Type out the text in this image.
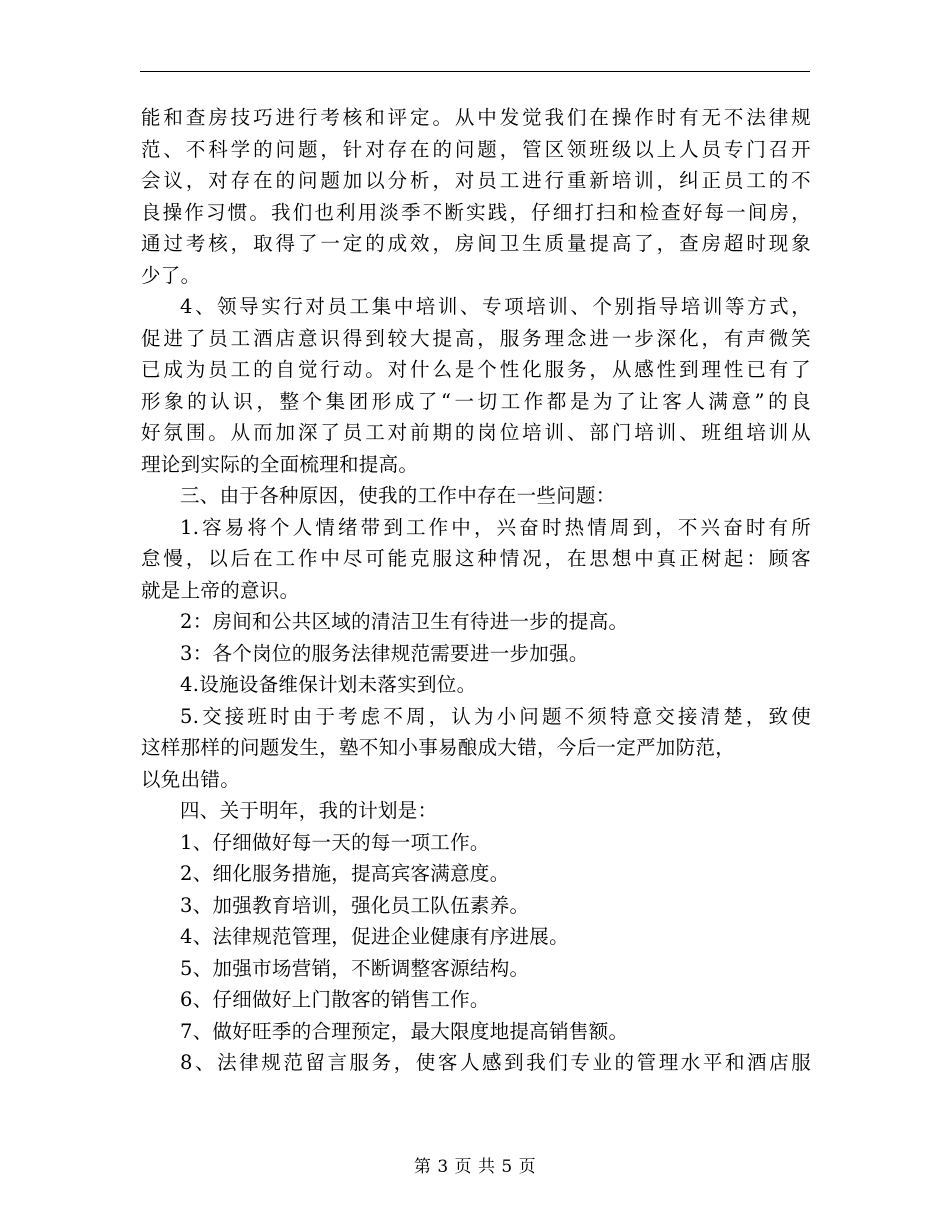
能和查房技巧进行考核和评定。从中发觉我们在操作时有无不法律规
范、不科学的问题，针对存在的问题，管区领班级以上人员专门召开
会议，对存在的问题加以分析，对员工进行重新培训，纠正员工的不
良操作习惯。我们也利用淡季不断实践，仔细打扫和检查好每一间房，
通过考核，取得了一定的成效，房间卫生质量提高了，查房超时现象
少了。
4、领导实行对员工集中培训、专项培训、个别指导培训等方式，
促进了员工酒店意识得到较大提高，服务理念进一步深化，有声微笑
已成为员工的自觉行动。对什么是个性化服务，从感性到理性已有了
形象的认识，整个集团形成了“一切工作都是为了让客人满意”的良
好氛围。从而加深了员工对前期的岗位培训、部门培训、班组培训从
理论到实际的全面梳理和提高。
三、由于各种原因，使我的工作中存在一些问题：
1.容易将个人情绪带到工作中，兴奋时热情周到，不兴奋时有所
怠慢，以后在工作中尽可能克服这种情况，在思想中真正树起：顾客
就是上帝的意识。
2：房间和公共区域的清洁卫生有待进一步的提高。
3：各个岗位的服务法律规范需要进一步加强。
4.设施设备维保计划未落实到位。
5.交接班时由于考虑不周，认为小问题不须特意交接清楚，致使
这样那样的问题发生，塾不知小事易酿成大错，今后一定严加防范，
以免出错。
四、关于明年，我的计划是：
1、仔细做好每一天的每一项工作。
2、细化服务措施，提高宾客满意度。
3、加强教育培训，强化员工队伍素养。
4、法律规范管理，促进企业健康有序进展。
5、加强市场营销，不断调整客源结构。
6、仔细做好上门散客的销售工作。
7、做好旺季的合理预定，最大限度地提高销售额。
8、法律规范留言服务，使客人感到我们专业的管理水平和酒店服
第 3 页 共 5 页
